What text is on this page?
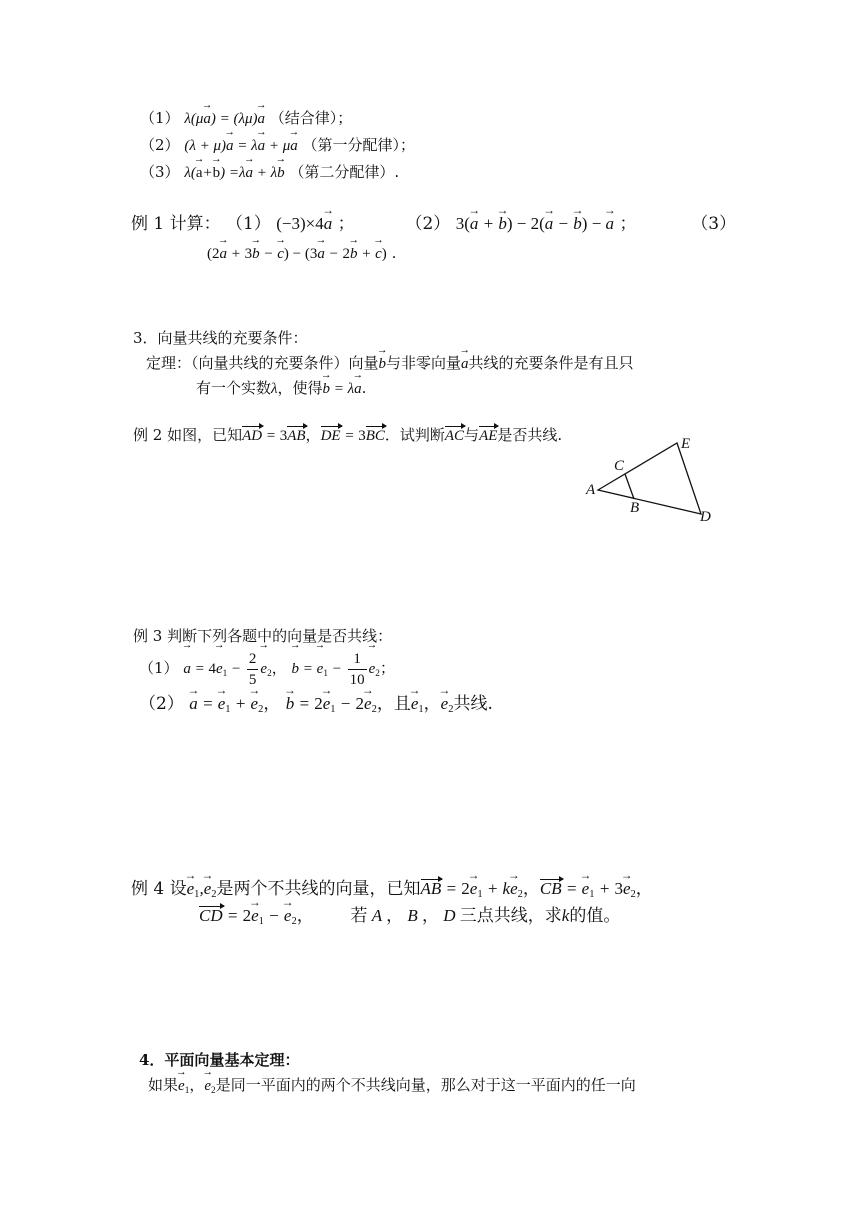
（1） λ(μ→ a) = (λμ)→ a （结合律）；
（2） (λ + μ)→ a = λ→ a + μ→ a （第一分配律）；
（3） λ(→ a+→ b) =λ→ a + λ→ b （第二分配律）.
例 1 计算： （1） (−3)×4→ a ；	（2） 3(→ a + → b) − 2(→ a − → b) − → a ；	（3）
(2→ a + 3→ b − → c) − (3→ a − 2→ b + → c) .
3．向量共线的充要条件：
定理：（向量共线的充要条件）向量→ b与非零向量→ a共线的充要条件是有且只
有一个实数λ，使得→ b = λ→ a.
例 2 如图，已知AD = 3AB，DE = 3BC．试判断AC与AE是否共线.	E
C
A
B
D
例 3 判断下列各题中的向量是否共线：
$(1) \to a = 4\to e_1 - \frac{2}{5}$
→ $e_2$， → b = → $e_1 - \frac{1}{10}$
→ $e_2$；
（2） → a = → $e_1$ + → $e_2$， → $b = 2\to e_1 - 2\to e_2$，且→ $e_1$，→ $e_2$共线.
例 4 设→ $e_1,\to e_2$是两个不共线的向量，已知AB = $2\to e_1 + k\to e_2$，CB = → $e_1 + 3\to e_2$，
CD = $2\to e_1$ − → $e_2$， 若 A ， B ， D 三点共线，求k的值。
4．平面向量基本定理：
如果→ $e_1$，→ $e_2$是同一平面内的两个不共线向量，那么对于这一平面内的任一向
